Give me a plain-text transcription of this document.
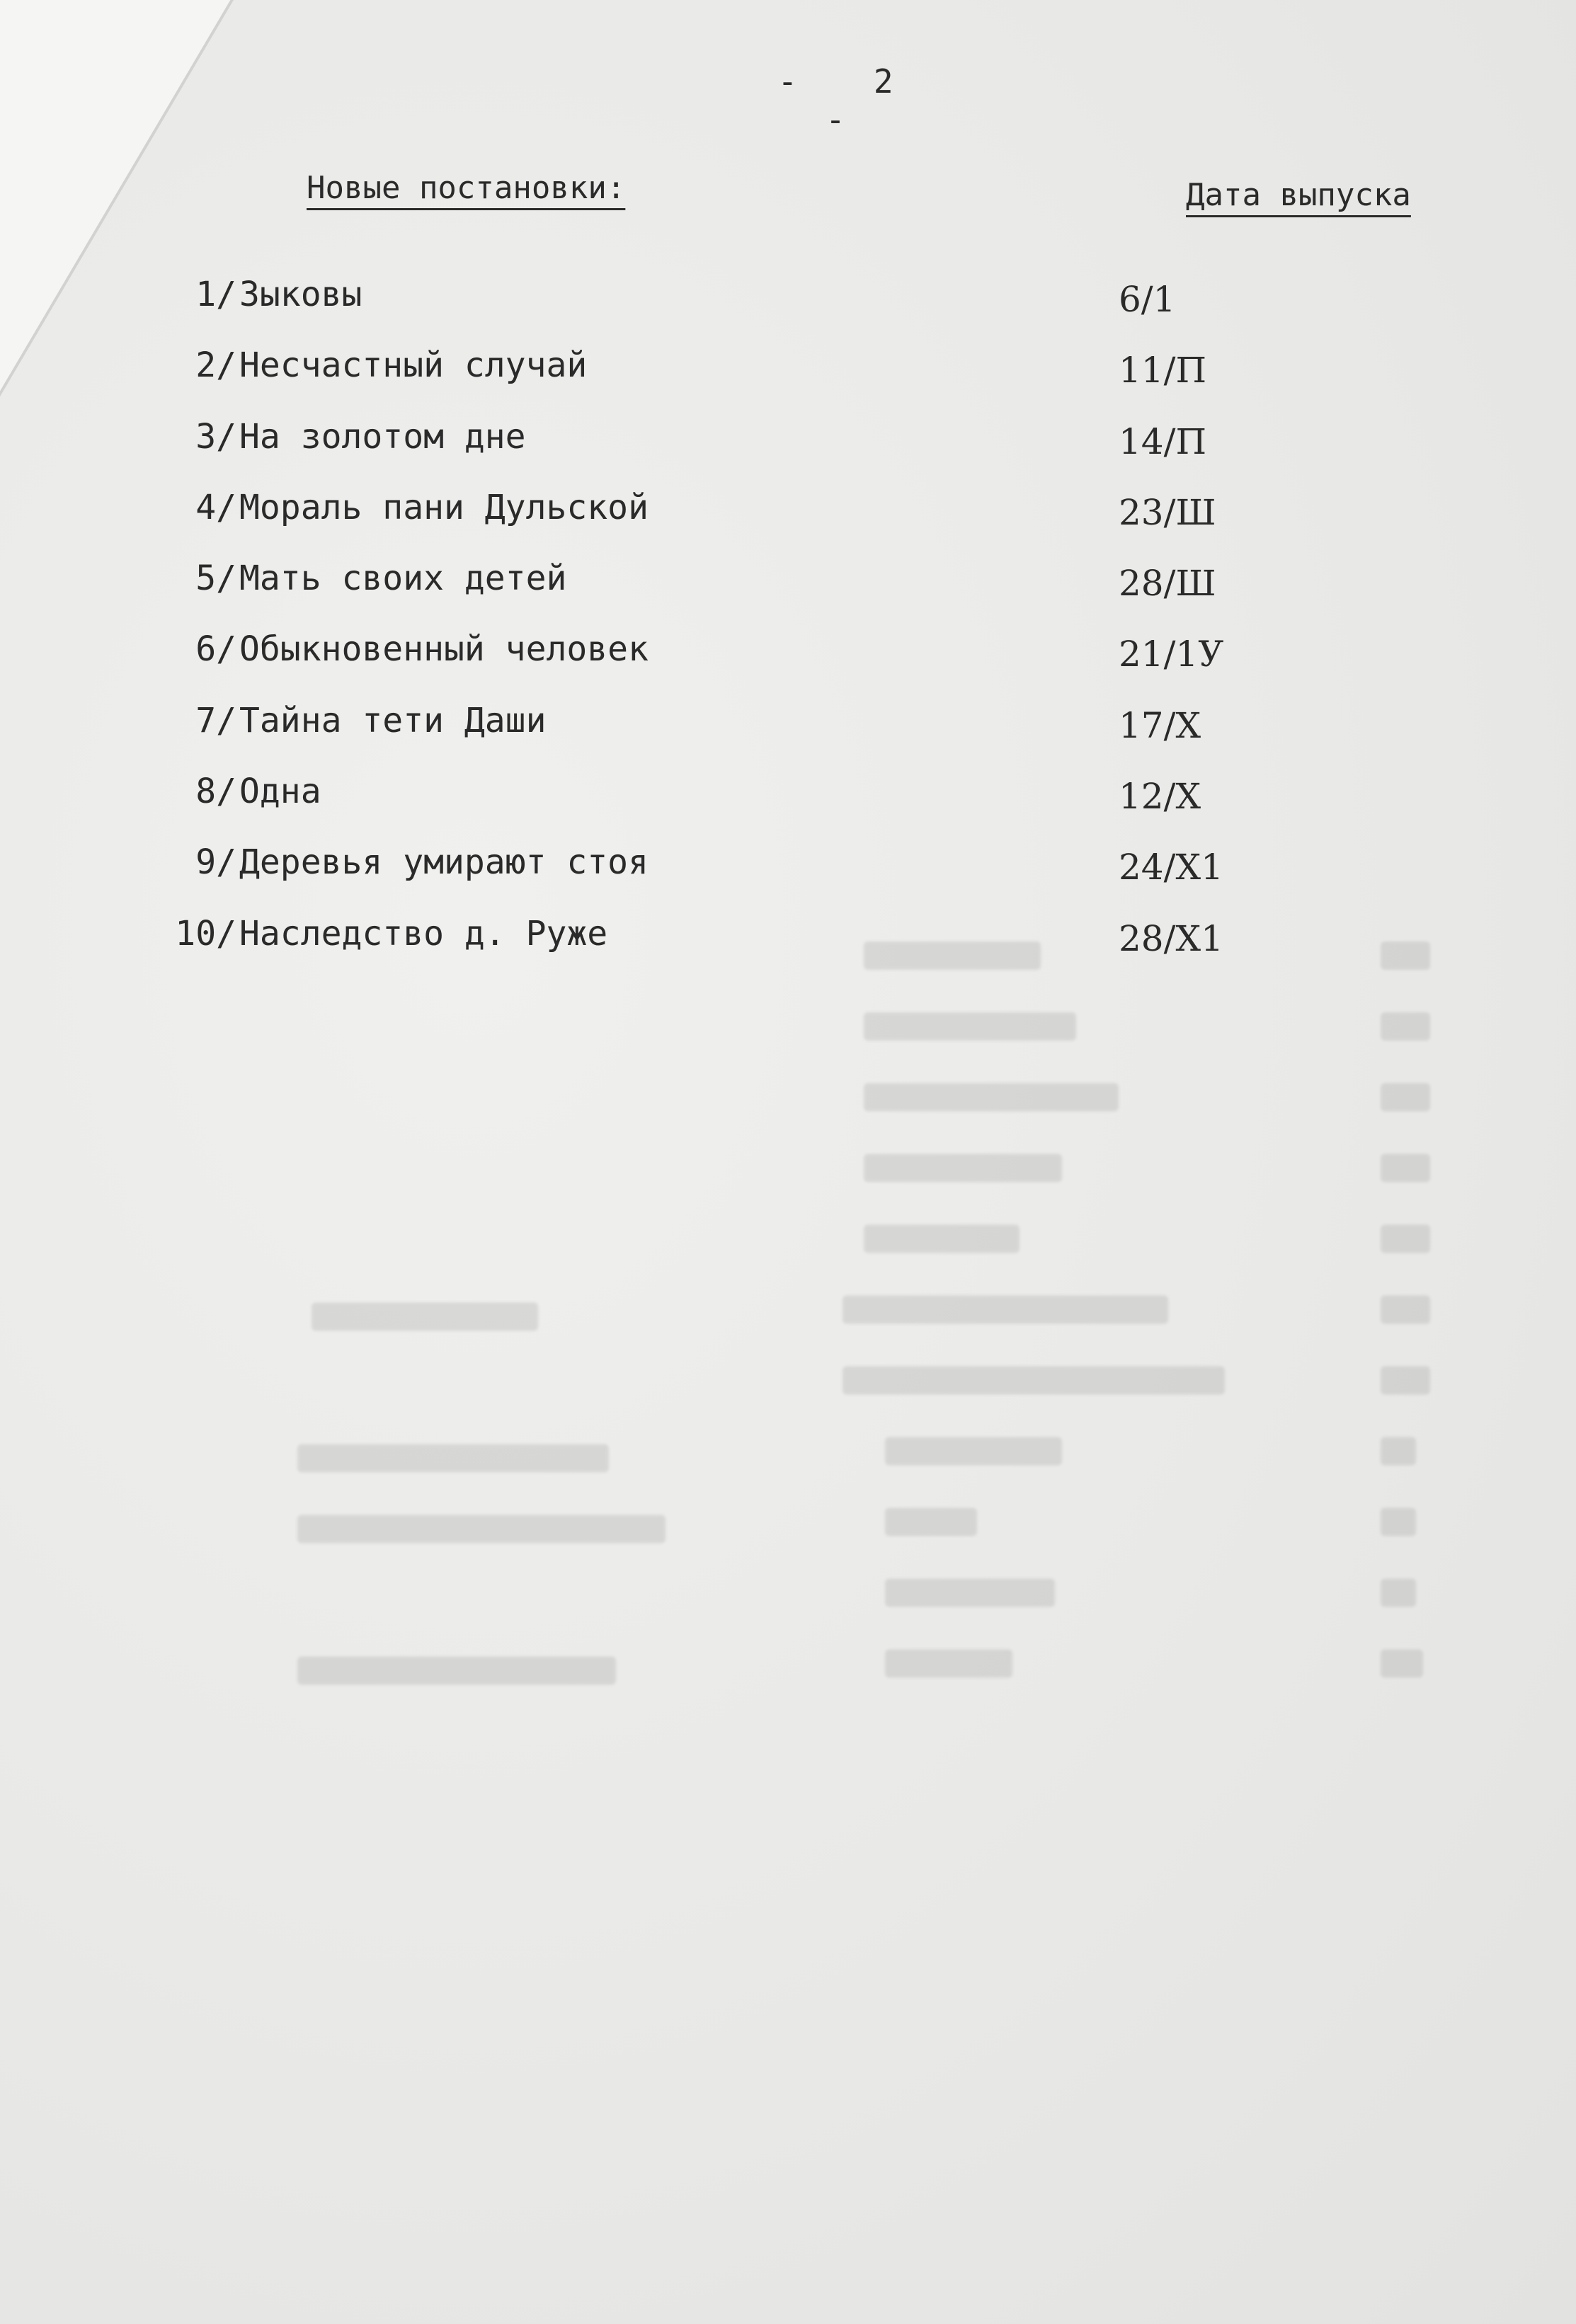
- 2 -
Новые постановки:	Дата выпуска
1/ Зыковы	6/1
2/ Несчастный случай	11/П
3/ На золотом дне	14/П
4/ Мораль пани Дульской	23/Ш
5/ Мать своих детей	28/Ш
6/ Обыкновенный человек	21/1У
7/ Тайна тети Даши	17/Х
8/ Одна	12/Х
9/ Деревья умирают стоя	24/Х1
10/ Наследство д. Руже	28/Х1
